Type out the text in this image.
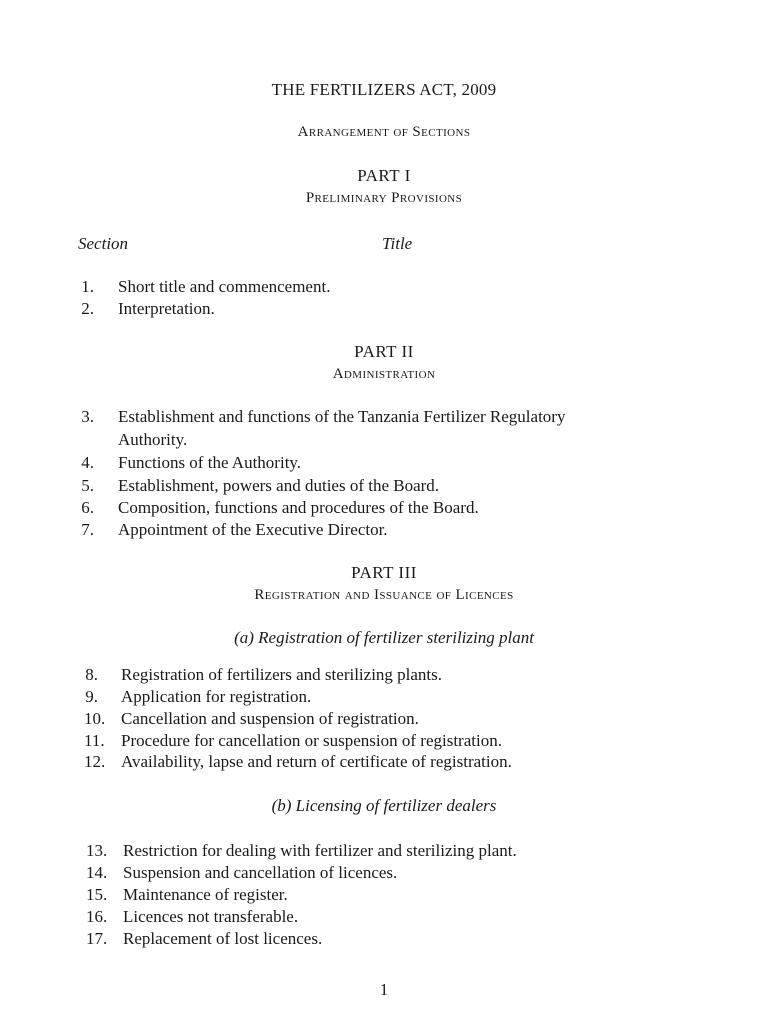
THE FERTILIZERS ACT, 2009
Arrangement of Sections
PART I
Preliminary Provisions
Section	Title
1. Short title and commencement.
2. Interpretation.
PART II
Administration
3. Establishment and functions of the Tanzania Fertilizer Regulatory
Authority.
4. Functions of the Authority.
5. Establishment, powers and duties of the Board.
6. Composition, functions and procedures of the Board.
7. Appointment of the Executive Director.
PART III
Registration and Issuance of Licences
(a) Registration of fertilizer sterilizing plant
8. Registration of fertilizers and sterilizing plants.
9. Application for registration.
10. Cancellation and suspension of registration.
11. Procedure for cancellation or suspension of registration.
12. Availability, lapse and return of certificate of registration.
(b) Licensing of fertilizer dealers
13. Restriction for dealing with fertilizer and sterilizing plant.
14. Suspension and cancellation of licences.
15. Maintenance of register.
16. Licences not transferable.
17. Replacement of lost licences.
1
